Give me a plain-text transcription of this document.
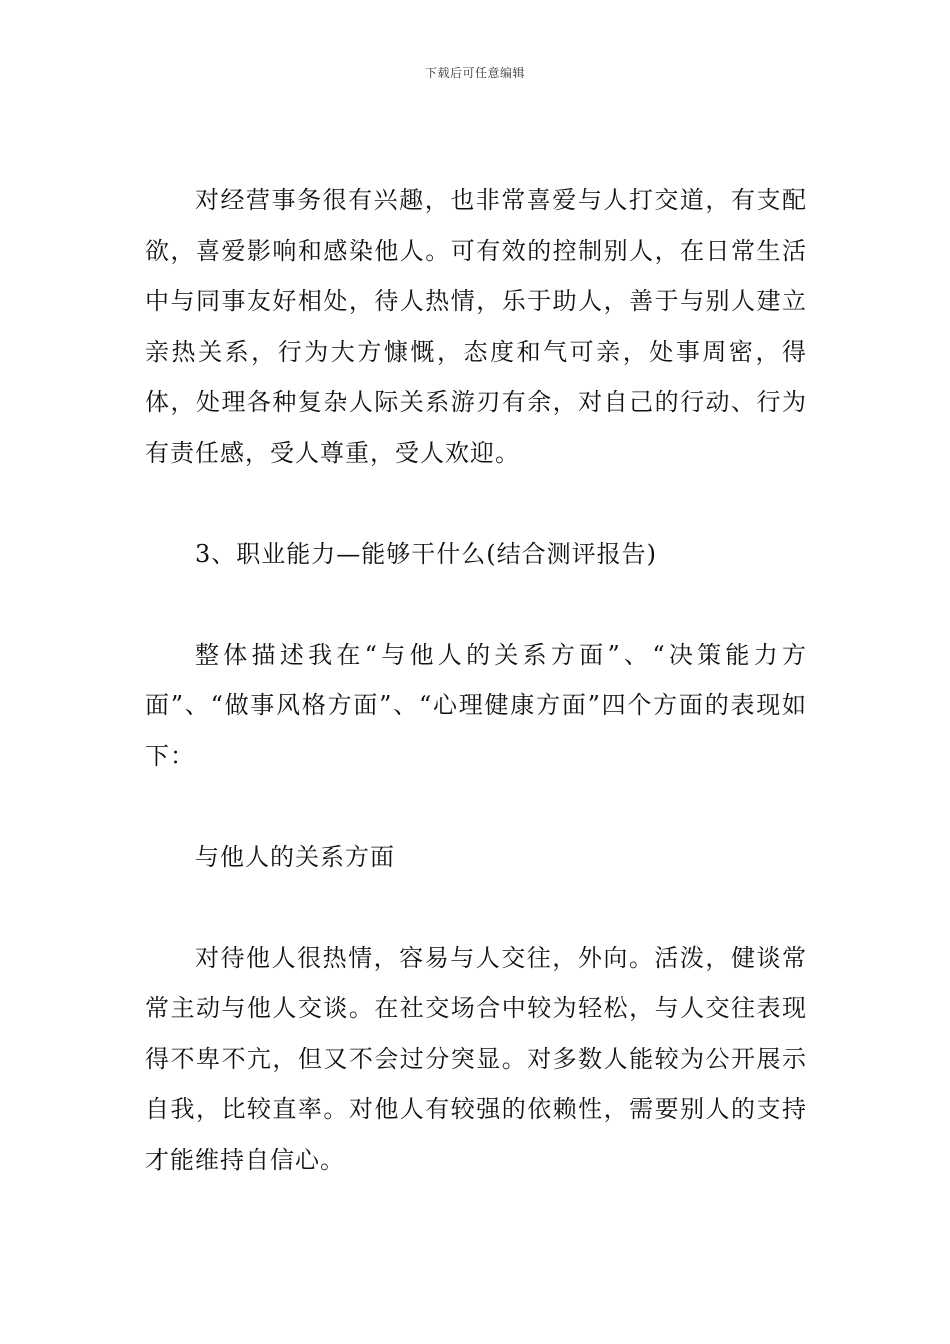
下载后可任意编辑

对经营事务很有兴趣，也非常喜爱与人打交道，有支配欲，喜爱影响和感染他人。可有效的控制别人，在日常生活中与同事友好相处，待人热情，乐于助人，善于与别人建立亲热关系，行为大方慷慨，态度和气可亲，处事周密，得体，处理各种复杂人际关系游刃有余，对自己的行动、行为有责任感，受人尊重，受人欢迎。

3、职业能力—能够干什么(结合测评报告)

整体描述我在“与他人的关系方面”、“决策能力方面”、“做事风格方面”、“心理健康方面”四个方面的表现如下：

与他人的关系方面

对待他人很热情，容易与人交往，外向。活泼，健谈常常主动与他人交谈。在社交场合中较为轻松，与人交往表现得不卑不亢，但又不会过分突显。对多数人能较为公开展示自我，比较直率。对他人有较强的依赖性，需要别人的支持才能维持自信心。
